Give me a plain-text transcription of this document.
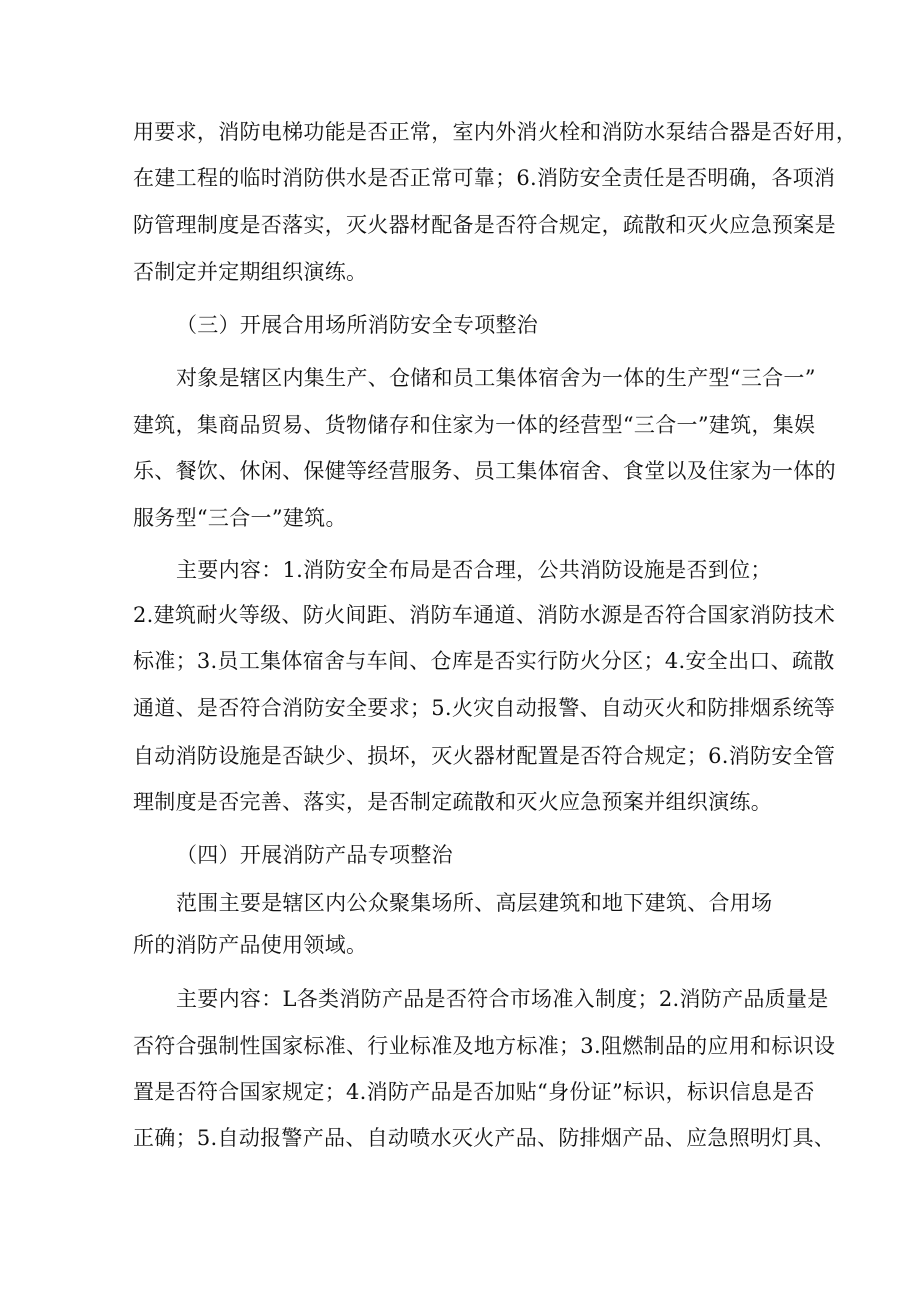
用要求，消防电梯功能是否正常，室内外消火栓和消防水泵结合器是否好用，
在建工程的临时消防供水是否正常可靠；6.消防安全责任是否明确，各项消
防管理制度是否落实，灭火器材配备是否符合规定，疏散和灭火应急预案是
否制定并定期组织演练。
（三）开展合用场所消防安全专项整治
对象是辖区内集生产、仓储和员工集体宿舍为一体的生产型“三合一”
建筑，集商品贸易、货物储存和住家为一体的经营型“三合一”建筑，集娱
乐、餐饮、休闲、保健等经营服务、员工集体宿舍、食堂以及住家为一体的
服务型“三合一”建筑。
主要内容：1.消防安全布局是否合理，公共消防设施是否到位；
2.建筑耐火等级、防火间距、消防车通道、消防水源是否符合国家消防技术
标准；3.员工集体宿舍与车间、仓库是否实行防火分区；4.安全出口、疏散
通道、是否符合消防安全要求；5.火灾自动报警、自动灭火和防排烟系统等
自动消防设施是否缺少、损坏，灭火器材配置是否符合规定；6.消防安全管
理制度是否完善、落实，是否制定疏散和灭火应急预案并组织演练。
（四）开展消防产品专项整治
范围主要是辖区内公众聚集场所、高层建筑和地下建筑、合用场
所的消防产品使用领域。
主要内容：L各类消防产品是否符合市场准入制度；2.消防产品质量是
否符合强制性国家标准、行业标准及地方标准；3.阻燃制品的应用和标识设
置是否符合国家规定；4.消防产品是否加贴“身份证”标识，标识信息是否
正确；5.自动报警产品、自动喷水灭火产品、防排烟产品、应急照明灯具、
